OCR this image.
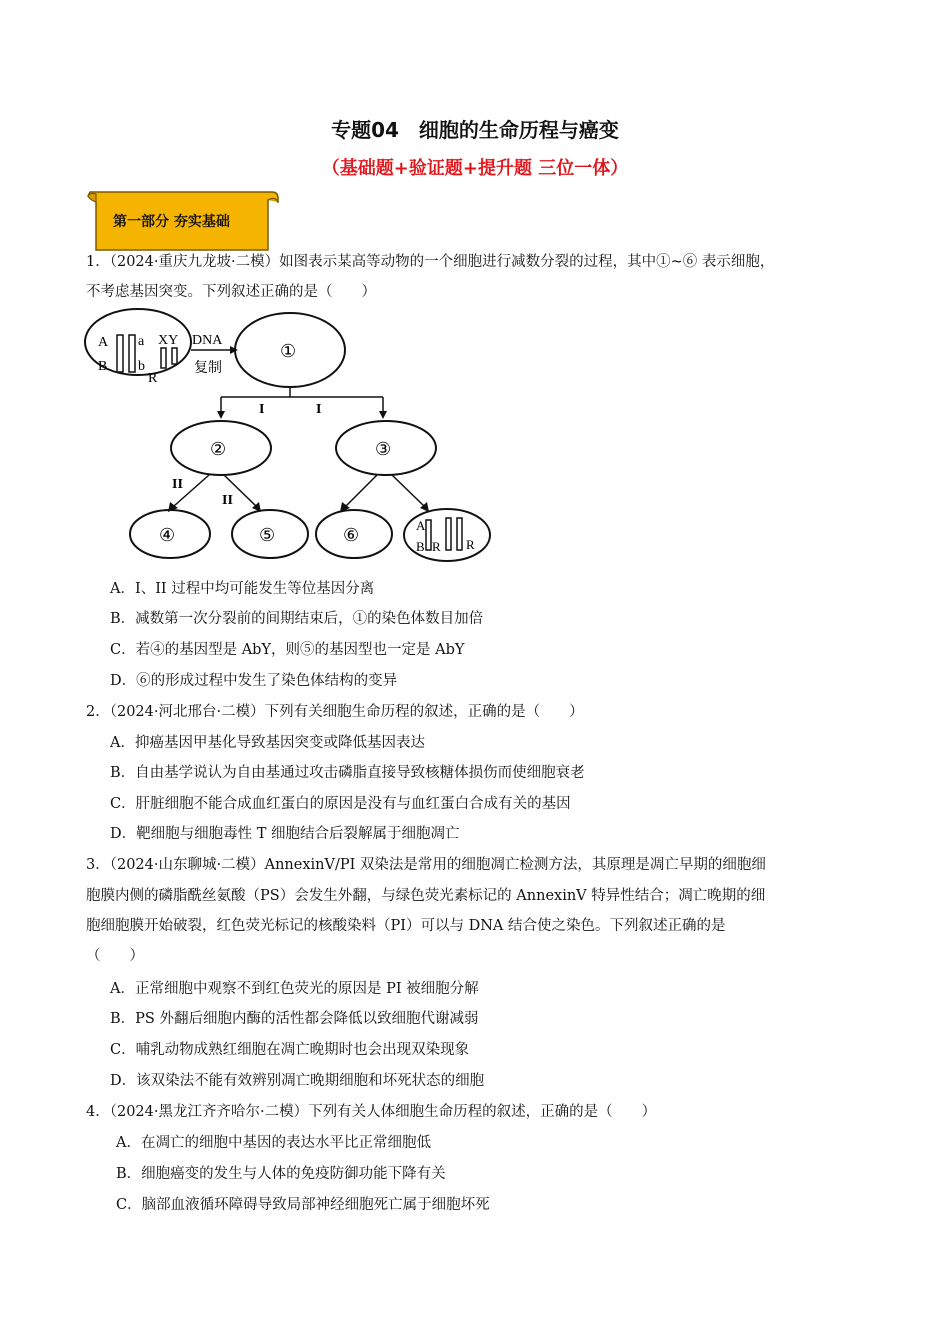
专题04　细胞的生命历程与癌变
（基础题+验证题+提升题 三位一体）
第一部分 夯实基础
1．（2024·重庆九龙坡·二模）如图表示某高等动物的一个细胞进行减数分裂的过程，其中①~⑥ 表示细胞，
不考虑基因突变。下列叙述正确的是（　　）
A
B
a
b
XY
R
DNA
复制
①
I	I
②	③
II
II
④	⑤	⑥	A
B R R
A．I、II 过程中均可能发生等位基因分离
B．减数第一次分裂前的间期结束后，①的染色体数目加倍
C．若④的基因型是 AbY，则⑤的基因型也一定是 AbY
D．⑥的形成过程中发生了染色体结构的变异
2．（2024·河北邢台·二模）下列有关细胞生命历程的叙述，正确的是（　　）
A．抑癌基因甲基化导致基因突变或降低基因表达
B．自由基学说认为自由基通过攻击磷脂直接导致核糖体损伤而使细胞衰老
C．肝脏细胞不能合成血红蛋白的原因是没有与血红蛋白合成有关的基因
D．靶细胞与细胞毒性 T 细胞结合后裂解属于细胞凋亡
3．（2024·山东聊城·二模）AnnexinV/PI 双染法是常用的细胞凋亡检测方法，其原理是凋亡早期的细胞细
胞膜内侧的磷脂酰丝氨酸（PS）会发生外翻，与绿色荧光素标记的 AnnexinV 特异性结合；凋亡晚期的细
胞细胞膜开始破裂，红色荧光标记的核酸染料（PI）可以与 DNA 结合使之染色。下列叙述正确的是
（　　）
A．正常细胞中观察不到红色荧光的原因是 PI 被细胞分解
B．PS 外翻后细胞内酶的活性都会降低以致细胞代谢减弱
C．哺乳动物成熟红细胞在凋亡晚期时也会出现双染现象
D．该双染法不能有效辨别凋亡晚期细胞和坏死状态的细胞
4．（2024·黑龙江齐齐哈尔·二模）下列有关人体细胞生命历程的叙述，正确的是（　　）
A．在凋亡的细胞中基因的表达水平比正常细胞低
B．细胞癌变的发生与人体的免疫防御功能下降有关
C．脑部血液循环障碍导致局部神经细胞死亡属于细胞坏死
